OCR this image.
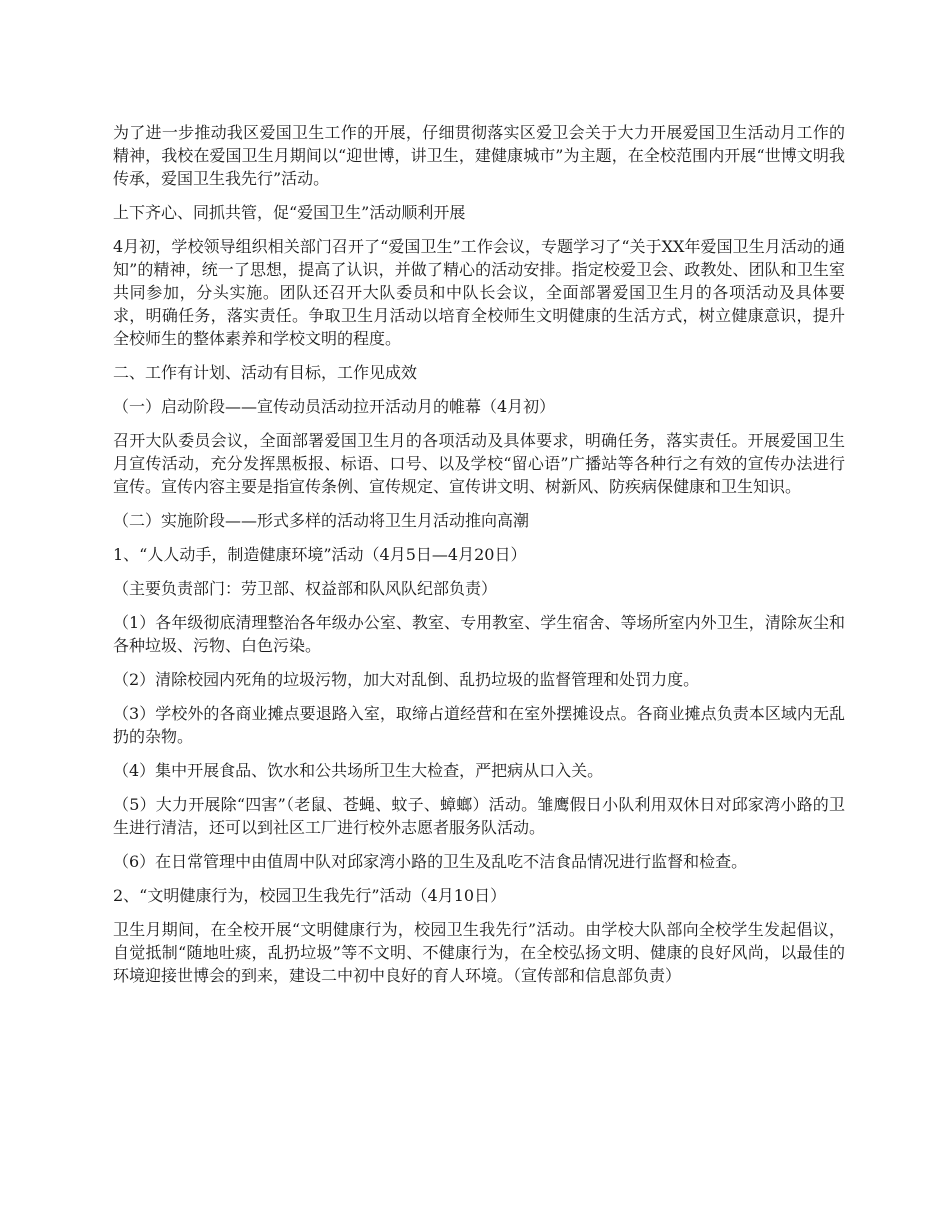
为了进一步推动我区爱国卫生工作的开展，仔细贯彻落实区爱卫会关于大力开展爱国卫生活动月工作的精神，我校在爱国卫生月期间以“迎世博，讲卫生，建健康城市”为主题，在全校范围内开展“世博文明我传承，爱国卫生我先行”活动。

上下齐心、同抓共管，促“爱国卫生”活动顺利开展

4月初，学校领导组织相关部门召开了“爱国卫生”工作会议，专题学习了“关于XX年爱国卫生月活动的通知”的精神，统一了思想，提高了认识，并做了精心的活动安排。指定校爱卫会、政教处、团队和卫生室共同参加，分头实施。团队还召开大队委员和中队长会议，全面部署爱国卫生月的各项活动及具体要求，明确任务，落实责任。争取卫生月活动以培育全校师生文明健康的生活方式，树立健康意识，提升全校师生的整体素养和学校文明的程度。

二、工作有计划、活动有目标，工作见成效

（一）启动阶段——宣传动员活动拉开活动月的帷幕（4月初）

召开大队委员会议，全面部署爱国卫生月的各项活动及具体要求，明确任务，落实责任。开展爱国卫生月宣传活动，充分发挥黑板报、标语、口号、以及学校“留心语”广播站等各种行之有效的宣传办法进行宣传。宣传内容主要是指宣传条例、宣传规定、宣传讲文明、树新风、防疾病保健康和卫生知识。

（二）实施阶段——形式多样的活动将卫生月活动推向高潮

1、“人人动手，制造健康环境”活动（4月5日—4月20日）

（主要负责部门：劳卫部、权益部和队风队纪部负责）

（1）各年级彻底清理整治各年级办公室、教室、专用教室、学生宿舍、等场所室内外卫生，清除灰尘和各种垃圾、污物、白色污染。

（2）清除校园内死角的垃圾污物，加大对乱倒、乱扔垃圾的监督管理和处罚力度。

（3）学校外的各商业摊点要退路入室，取缔占道经营和在室外摆摊设点。各商业摊点负责本区域内无乱扔的杂物。

（4）集中开展食品、饮水和公共场所卫生大检查，严把病从口入关。

（5）大力开展除“四害”（老鼠、苍蝇、蚊子、蟑螂）活动。雏鹰假日小队利用双休日对邱家湾小路的卫生进行清洁，还可以到社区工厂进行校外志愿者服务队活动。

（6）在日常管理中由值周中队对邱家湾小路的卫生及乱吃不洁食品情况进行监督和检查。

2、“文明健康行为，校园卫生我先行”活动（4月10日）

卫生月期间，在全校开展“文明健康行为，校园卫生我先行”活动。由学校大队部向全校学生发起倡议，自觉抵制“随地吐痰，乱扔垃圾”等不文明、不健康行为，在全校弘扬文明、健康的良好风尚，以最佳的环境迎接世博会的到来，建设二中初中良好的育人环境。（宣传部和信息部负责）
